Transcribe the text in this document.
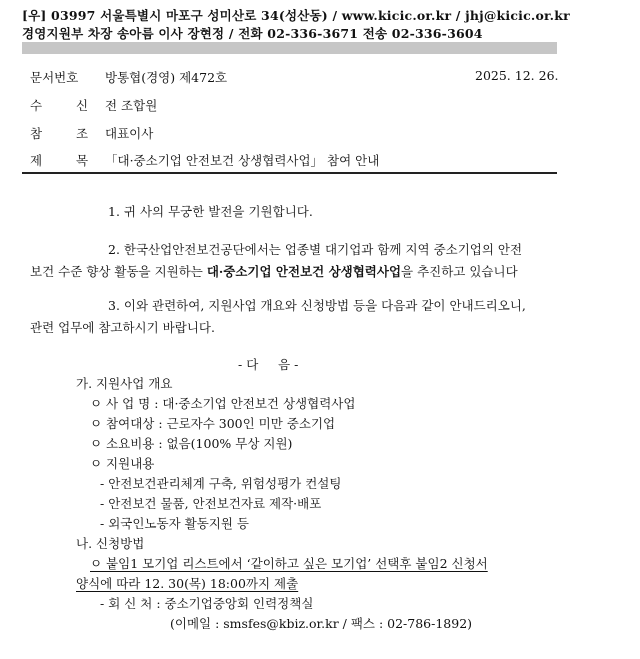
[우] 03997 서울특별시 마포구 성미산로 34(성산동) / www.kicic.or.kr / jhj@kicic.or.kr
경영지원부 차장 송아름 이사 장현정 / 전화 02-336-3671 전송 02-336-3604
문서번호 방통협(경영) 제472호	2025. 12. 26.
수 신 전 조합원
참 조 대표이사
제 목 「대·중소기업 안전보건 상생협력사업」 참여 안내
1. 귀 사의 무궁한 발전을 기원합니다.
2. 한국산업안전보건공단에서는 업종별 대기업과 함께 지역 중소기업의 안전
보건 수준 향상 활동을 지원하는 대·중소기업 안전보건 상생협력사업을 추진하고 있습니다
3. 이와 관련하여, 지원사업 개요와 신청방법 등을 다음과 같이 안내드리오니,
관련 업무에 참고하시기 바랍니다.
- 다     음 -
가. 지원사업 개요
ㅇ 사 업 명 : 대·중소기업 안전보건 상생협력사업
ㅇ 참여대상 : 근로자수 300인 미만 중소기업
ㅇ 소요비용 : 없음(100% 무상 지원)
ㅇ 지원내용
- 안전보건관리체계 구축, 위험성평가 컨설팅
- 안전보건 물품, 안전보건자료 제작·배포
- 외국인노동자 활동지원 등
나. 신청방법
ㅇ 붙임1 모기업 리스트에서 ‘같이하고 싶은 모기업’ 선택후 붙임2 신청서
양식에 따라 12. 30(목) 18:00까지 제출
- 회 신 처 : 중소기업중앙회 인력정책실
(이메일 : smsfes@kbiz.or.kr / 팩스 : 02-786-1892)
